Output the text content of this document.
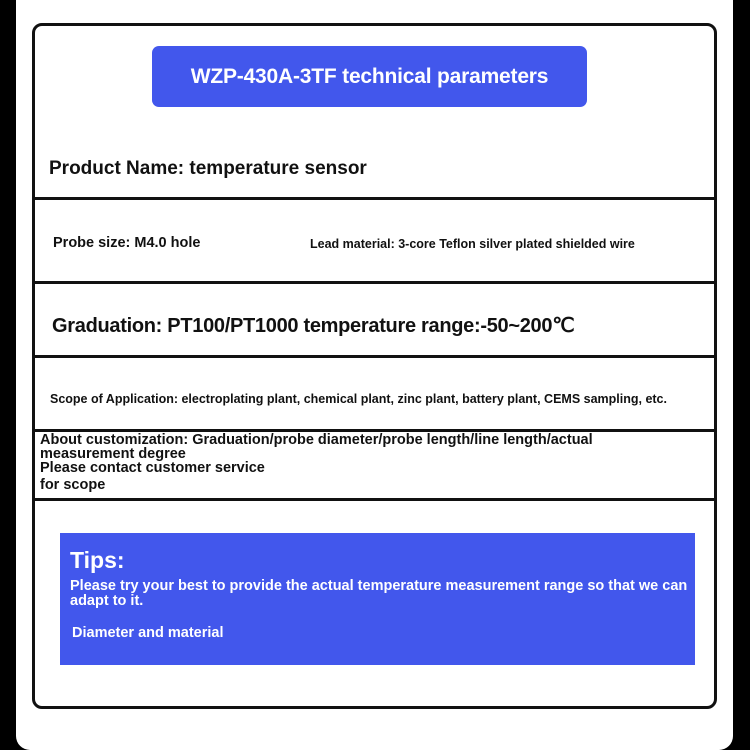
WZP-430A-3TF technical parameters
Product Name: temperature sensor
Probe size: M4.0 hole	Lead material: 3-core Teflon silver plated shielded wire
Graduation: PT100/PT1000 temperature range:-50~200℃
Scope of Application: electroplating plant, chemical plant, zinc plant, battery plant, CEMS sampling, etc.
About customization: Graduation/probe diameter/probe length/line length/actual
measurement degree
Please contact customer service
for scope
Tips:
Please try your best to provide the actual temperature measurement range so that we can adapt to it.
Diameter and material
